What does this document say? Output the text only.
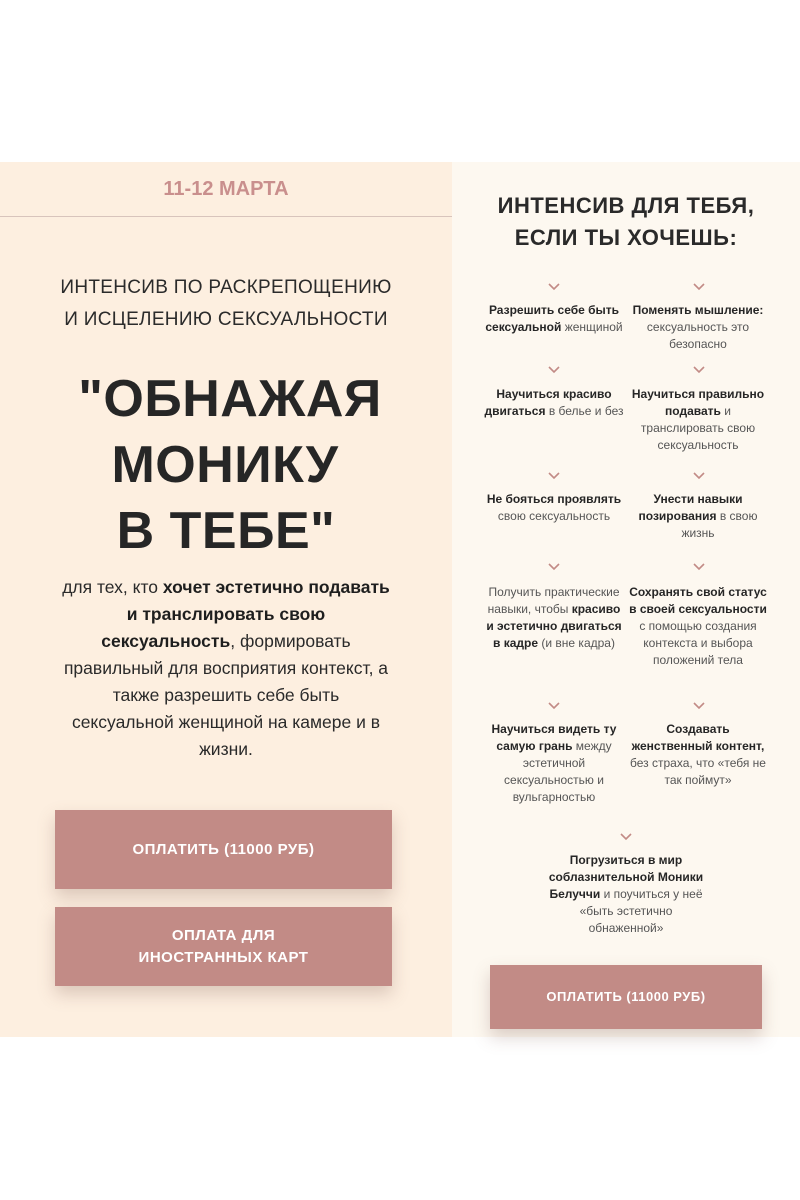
11-12 МАРТА
ИНТЕНСИВ ПО РАСКРЕПОЩЕНИЮ
И ИСЦЕЛЕНИЮ СЕКСУАЛЬНОСТИ
"ОБНАЖАЯ
МОНИКУ
В ТЕБЕ"

для тех, кто хочет эстетично подавать и транслировать свою сексуальность, формировать правильный для восприятия контекст, а также разрешить себе быть сексуальной женщиной на камере и в жизни.

ОПЛАТИТЬ (11000 РУБ)
ОПЛАТА ДЛЯ
ИНОСТРАННЫХ КАРТ
ИНТЕНСИВ ДЛЯ ТЕБЯ,
ЕСЛИ ТЫ ХОЧЕШЬ:
Разрешить себе быть сексуальной женщиной
Поменять мышление: сексуальность это безопасно
Научиться красиво двигаться в белье и без
Научиться правильно подавать и транслировать свою сексуальность
Не бояться проявлять свою сексуальность
Унести навыки позирования в свою жизнь
Получить практические навыки, чтобы красиво и эстетично двигаться в кадре (и вне кадра)
Сохранять свой статус в своей сексуальности с помощью создания контекста и выбора положений тела
Научиться видеть ту самую грань между эстетичной сексуальностью и вульгарностью
Создавать женственный контент, без страха, что «тебя не так поймут»
Погрузиться в мир соблазнительной Моники Белуччи и поучиться у неё «быть эстетично обнаженной»
ОПЛАТИТЬ (11000 РУБ)
